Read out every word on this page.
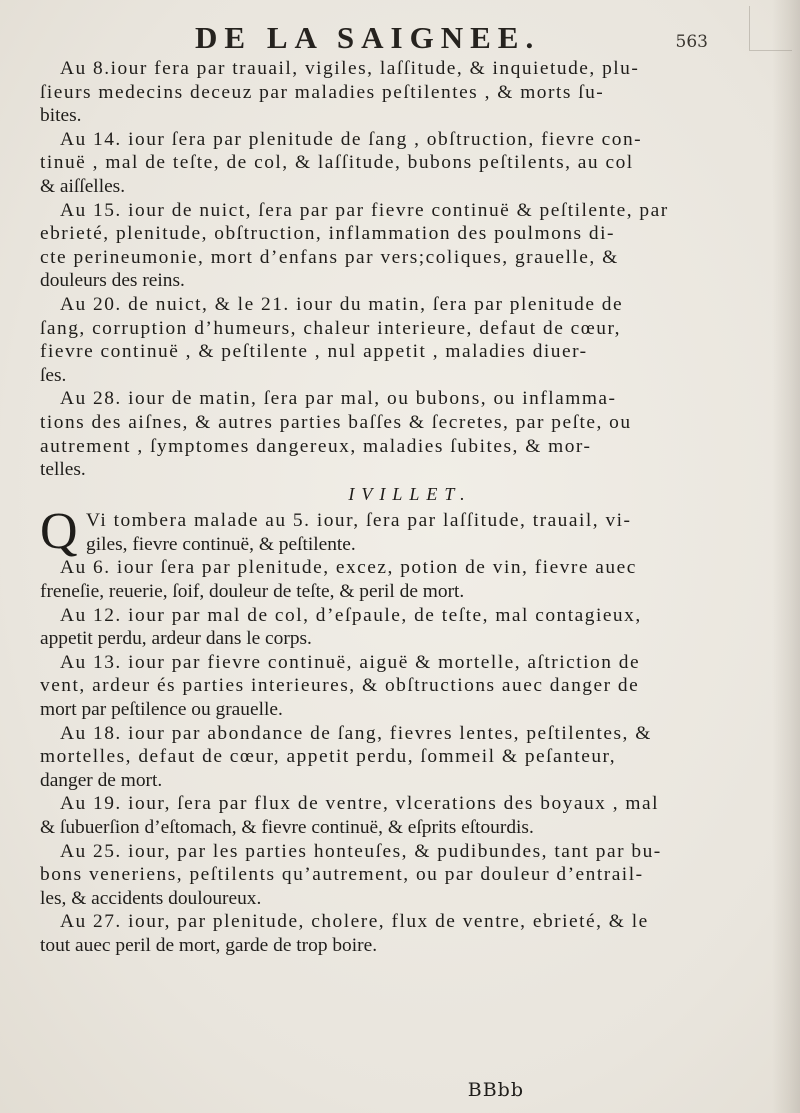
DE LA SAIGNEE.	563
Au 8.iour fera par trauail, vigiles, laſſitude, & inquietude, plu-
ſieurs medecins deceuz par maladies peſtilentes , & morts ſu-
bites.
Au 14. iour ſera par plenitude de ſang , obſtruction, fievre con-
tinuë , mal de teſte, de col, & laſſitude, bubons peſtilents, au col
& aiſſelles.
Au 15. iour de nuict, ſera par par fievre continuë & peſtilente, par
ebrieté, plenitude, obſtruction, inflammation des poulmons di-
cte perineumonie, mort d’enfans par vers;coliques, grauelle, &
douleurs des reins.
Au 20. de nuict, & le 21. iour du matin, ſera par plenitude de
ſang, corruption d’humeurs, chaleur interieure, defaut de cœur,
fievre continuë , & peſtilente , nul appetit , maladies diuer-
ſes.
Au 28. iour de matin, ſera par mal, ou bubons, ou inflamma-
tions des aiſnes, & autres parties baſſes & ſecretes, par peſte, ou
autrement , ſymptomes dangereux, maladies ſubites, & mor-
telles.
IVILLET.
Q Vi tombera malade au 5. iour, ſera par laſſitude, trauail, vi-
giles, fievre continuë, & peſtilente.
Au 6. iour ſera par plenitude, excez, potion de vin, fievre auec
freneſie, reuerie, ſoif, douleur de teſte, & peril de mort.
Au 12. iour par mal de col, d’eſpaule, de teſte, mal contagieux,
appetit perdu, ardeur dans le corps.
Au 13. iour par fievre continuë, aiguë & mortelle, aſtriction de
vent, ardeur és parties interieures, & obſtructions auec danger de
mort par peſtilence ou grauelle.
Au 18. iour par abondance de ſang, fievres lentes, peſtilentes, &
mortelles, defaut de cœur, appetit perdu, ſommeil & peſanteur,
danger de mort.
Au 19. iour, ſera par flux de ventre, vlcerations des boyaux , mal
& ſubuerſion d’eſtomach, & fievre continuë, & eſprits eſtourdis.
Au 25. iour, par les parties honteuſes, & pudibundes, tant par bu-
bons veneriens, peſtilents qu’autrement, ou par douleur d’entrail-
les, & accidents douloureux.
Au 27. iour, par plenitude, cholere, flux de ventre, ebrieté, & le
tout auec peril de mort, garde de trop boire.
BBbb
